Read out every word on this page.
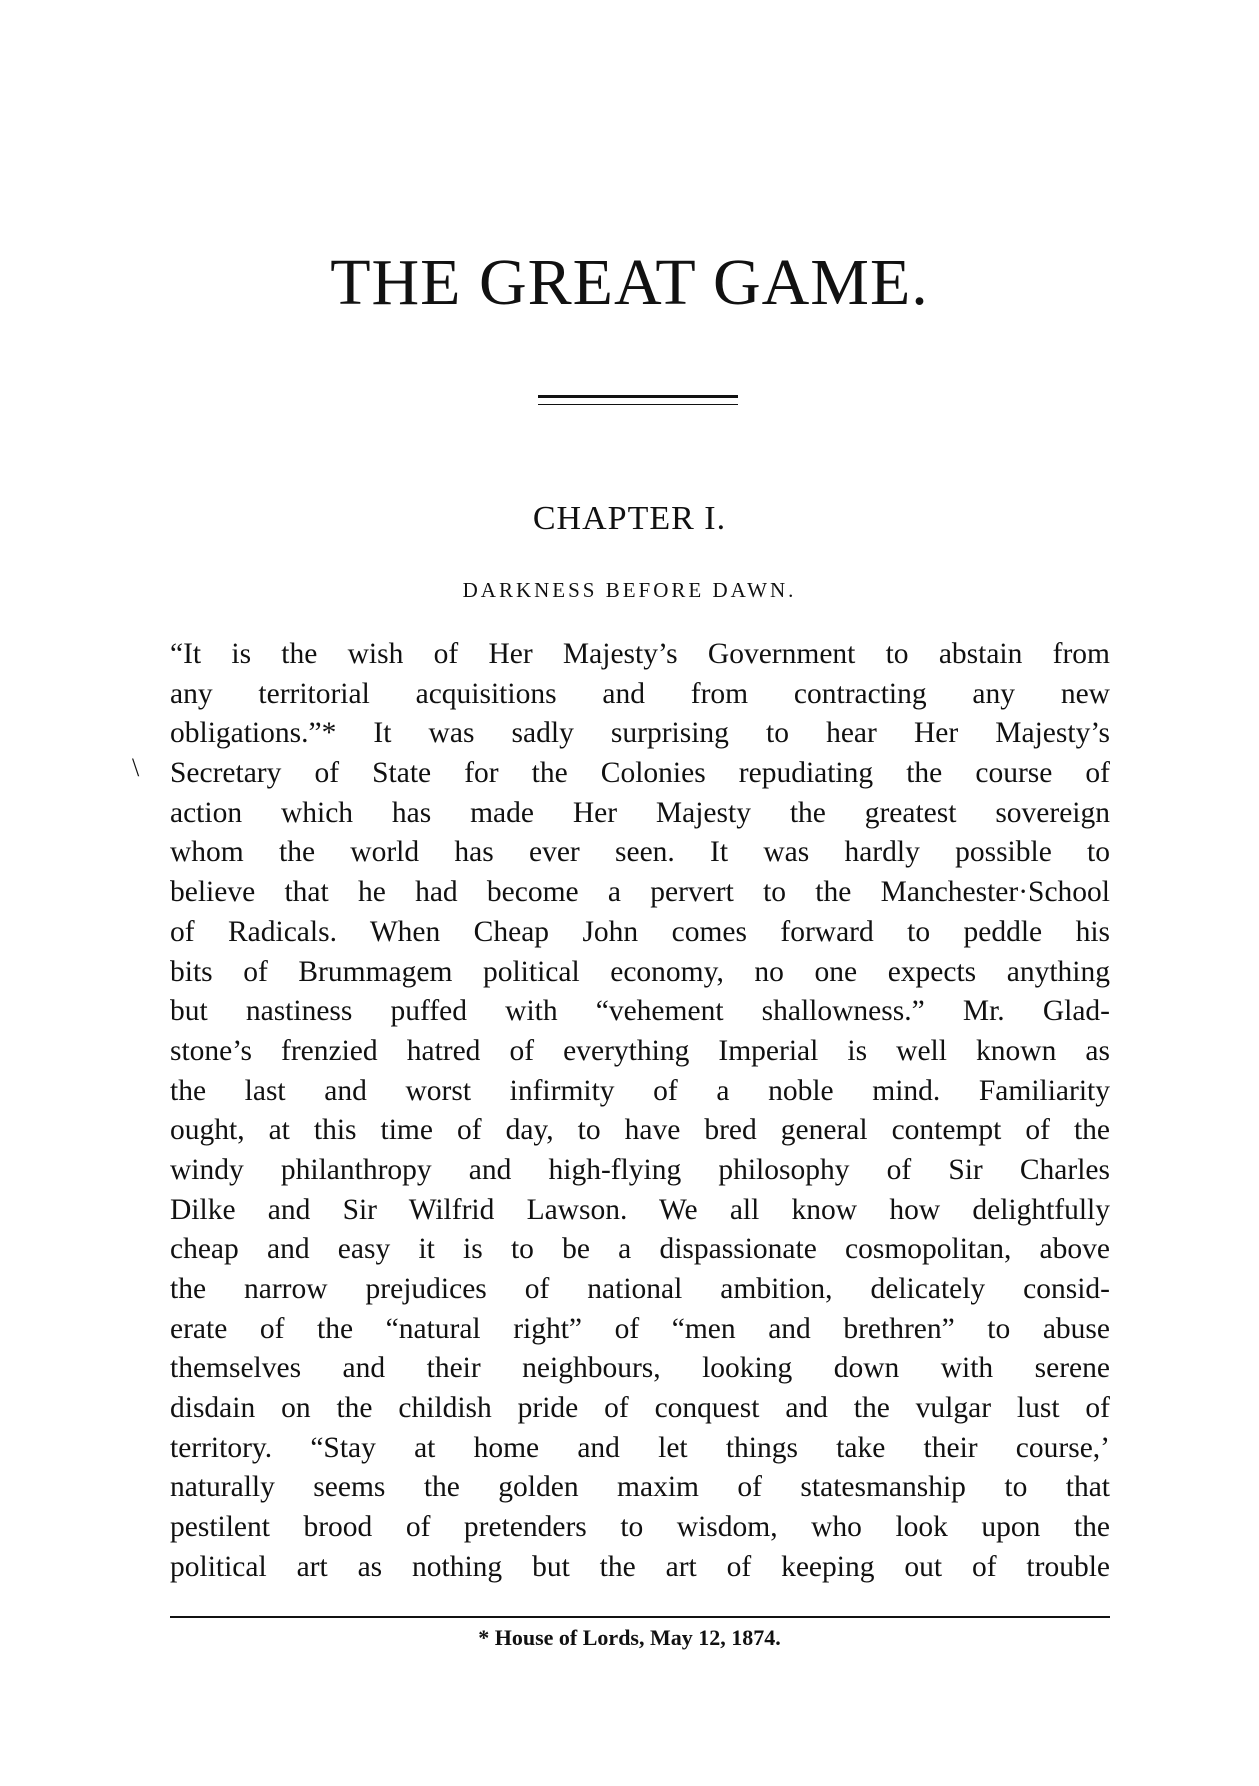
THE GREAT GAME.
CHAPTER I.
DARKNESS BEFORE DAWN.
\
“It is the wish of Her Majesty’s Government to abstain from
any territorial acquisitions and from contracting any new
obligations.”* It was sadly surprising to hear Her Majesty’s
Secretary of State for the Colonies repudiating the course of
action which has made Her Majesty the greatest sovereign
whom the world has ever seen. It was hardly possible to
believe that he had become a pervert to the Manchester·School
of Radicals. When Cheap John comes forward to peddle his
bits of Brummagem political economy, no one expects anything
but nastiness puffed with “vehement shallowness.” Mr. Glad-
stone’s frenzied hatred of everything Imperial is well known as
the last and worst infirmity of a noble mind. Familiarity
ought, at this time of day, to have bred general contempt of the
windy philanthropy and high-flying philosophy of Sir Charles
Dilke and Sir Wilfrid Lawson. We all know how delightfully
cheap and easy it is to be a dispassionate cosmopolitan, above
the narrow prejudices of national ambition, delicately consid-
erate of the “natural right” of “men and brethren” to abuse
themselves and their neighbours, looking down with serene
disdain on the childish pride of conquest and the vulgar lust of
territory. “Stay at home and let things take their course,’
naturally seems the golden maxim of statesmanship to that
pestilent brood of pretenders to wisdom, who look upon the
political art as nothing but the art of keeping out of trouble
* House of Lords, May 12, 1874.
